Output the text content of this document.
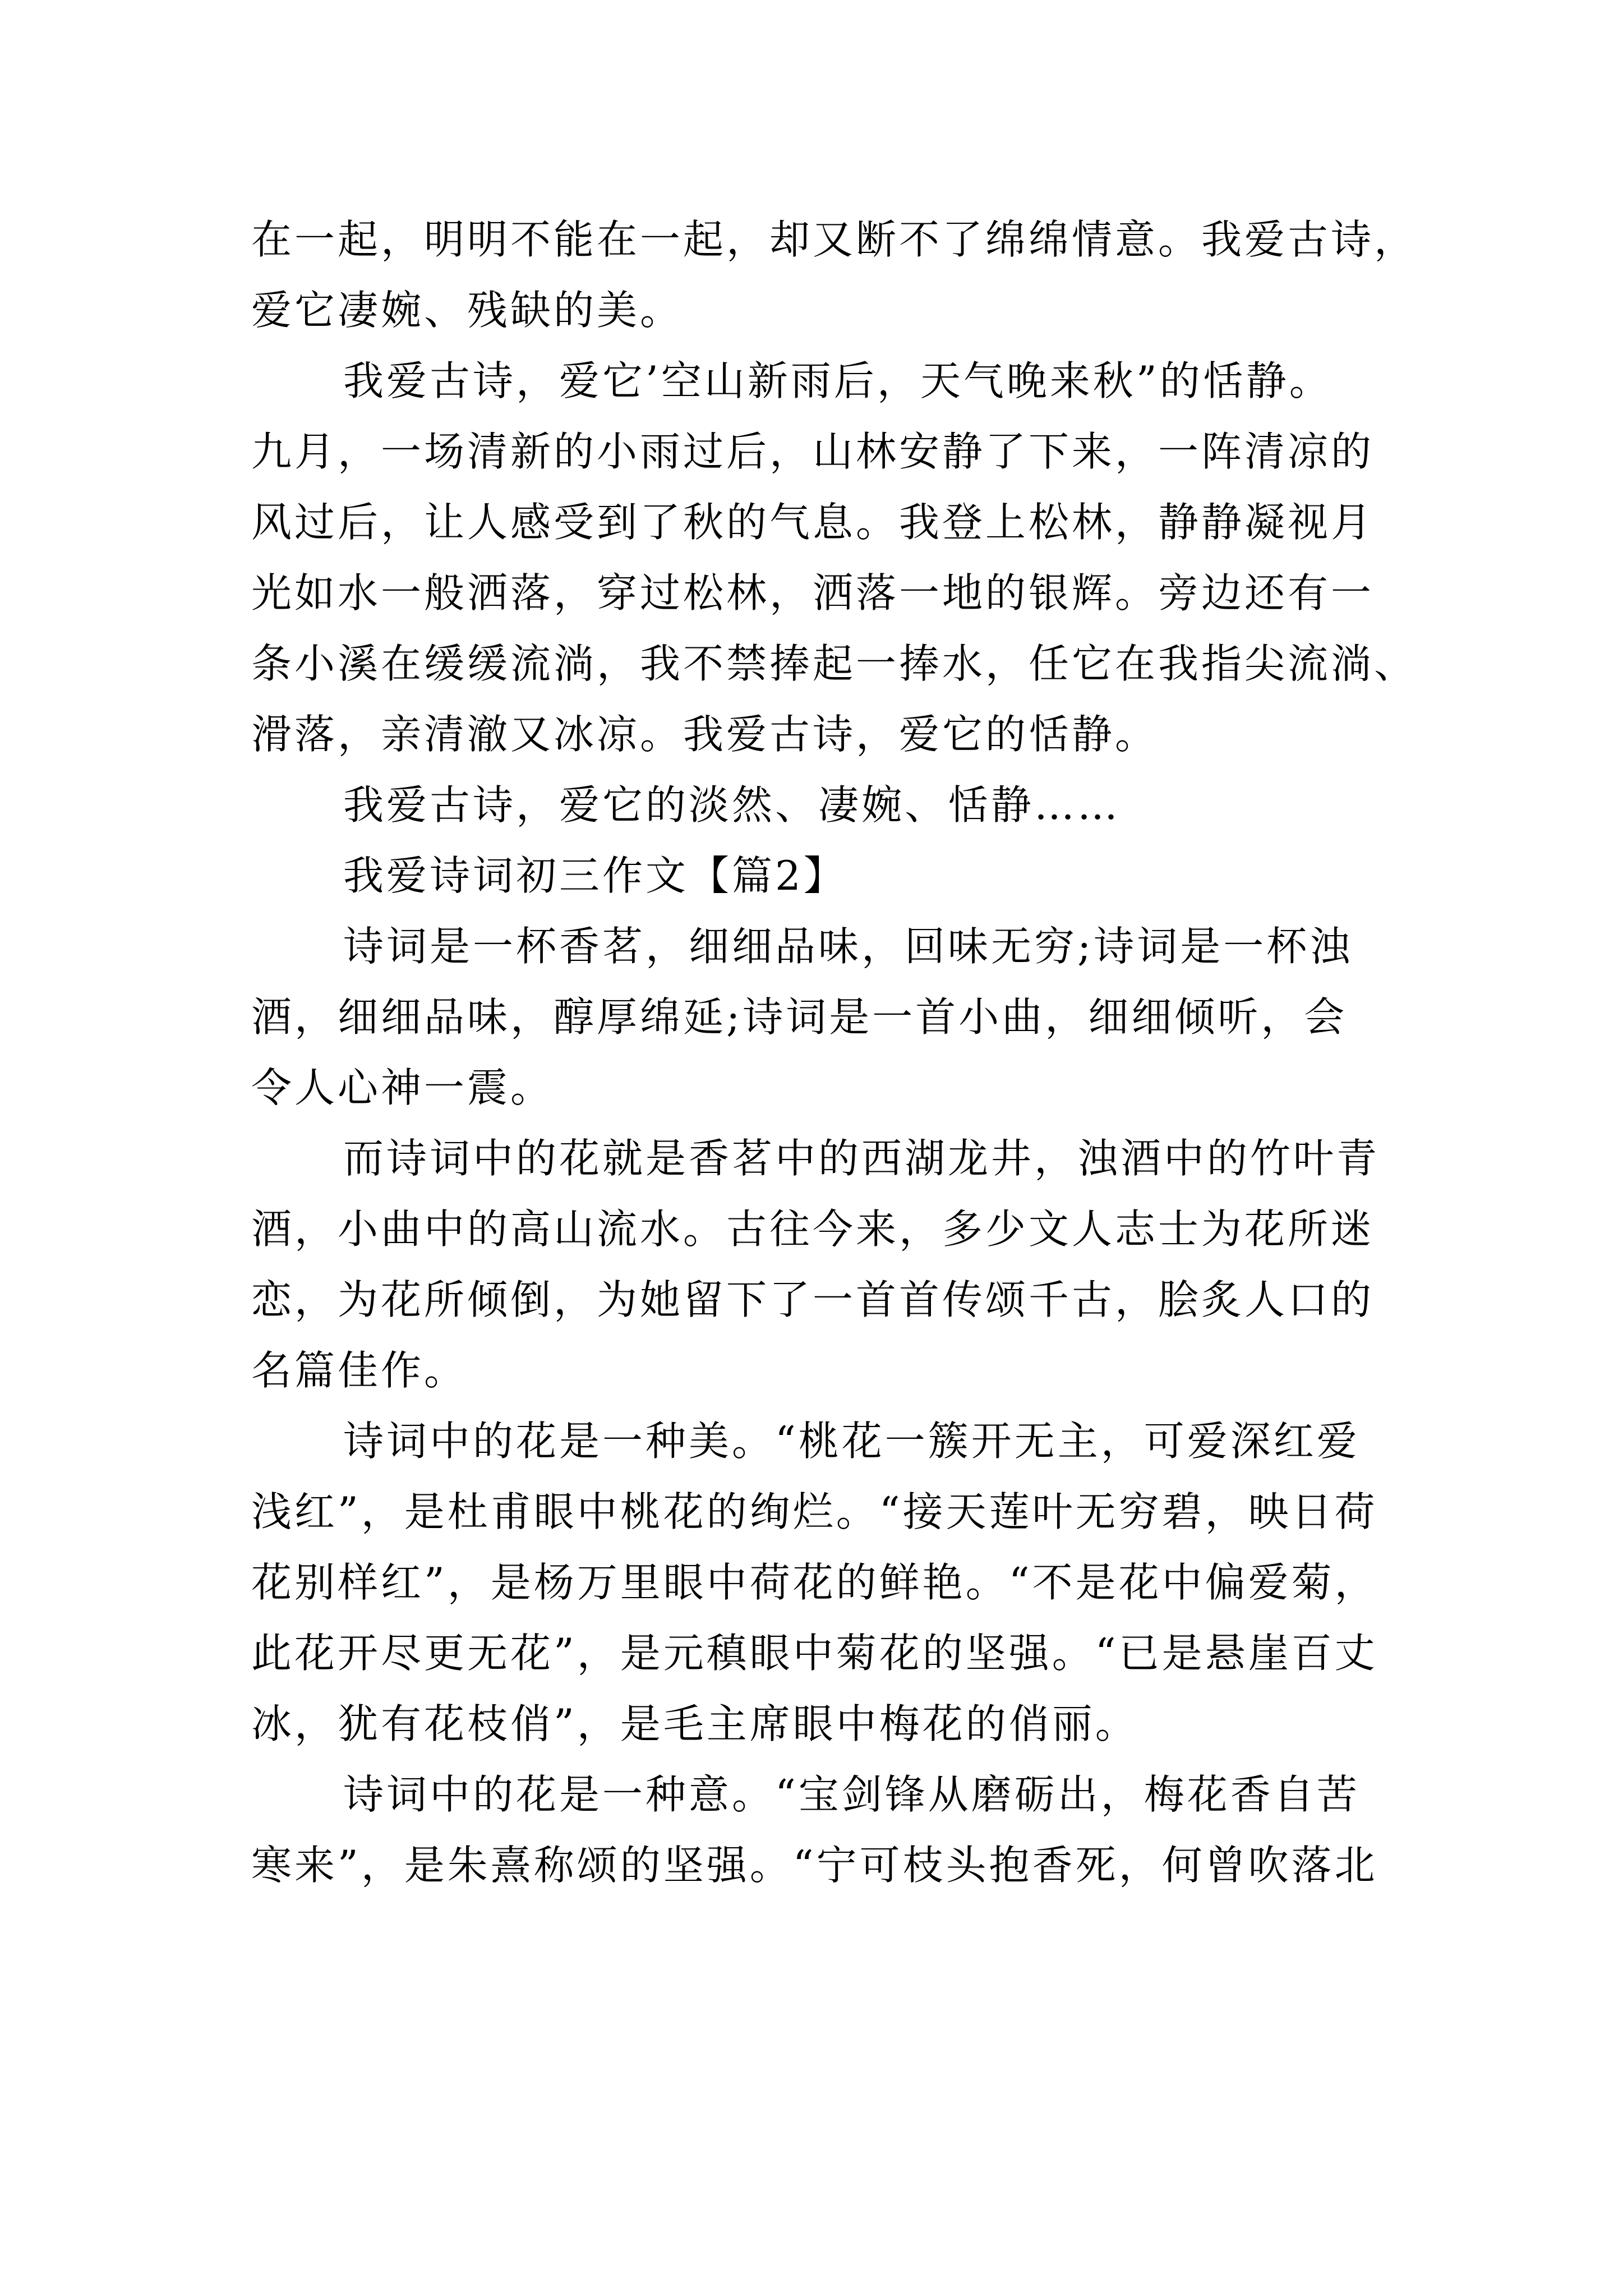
在一起，明明不能在一起，却又断不了绵绵情意。我爱古诗，
爱它凄婉、残缺的美。
我爱古诗，爱它’空山新雨后，天气晚来秋”的恬静。
九月，一场清新的小雨过后，山林安静了下来，一阵清凉的
风过后，让人感受到了秋的气息。我登上松林，静静凝视月
光如水一般洒落，穿过松林，洒落一地的银辉。旁边还有一
条小溪在缓缓流淌，我不禁捧起一捧水，任它在我指尖流淌、
滑落，亲清澈又冰凉。我爱古诗，爱它的恬静。
我爱古诗，爱它的淡然、凄婉、恬静……
我爱诗词初三作文【篇2】
诗词是一杯香茗，细细品味，回味无穷;诗词是一杯浊
酒，细细品味，醇厚绵延;诗词是一首小曲，细细倾听，会
令人心神一震。
而诗词中的花就是香茗中的西湖龙井，浊酒中的竹叶青
酒，小曲中的高山流水。古往今来，多少文人志士为花所迷
恋，为花所倾倒，为她留下了一首首传颂千古，脍炙人口的
名篇佳作。
诗词中的花是一种美。“桃花一簇开无主，可爱深红爱
浅红”，是杜甫眼中桃花的绚烂。“接天莲叶无穷碧，映日荷
花别样红”，是杨万里眼中荷花的鲜艳。“不是花中偏爱菊，
此花开尽更无花”，是元稹眼中菊花的坚强。“已是悬崖百丈
冰，犹有花枝俏”，是毛主席眼中梅花的俏丽。
诗词中的花是一种意。“宝剑锋从磨砺出，梅花香自苦
寒来”，是朱熹称颂的坚强。“宁可枝头抱香死，何曾吹落北
